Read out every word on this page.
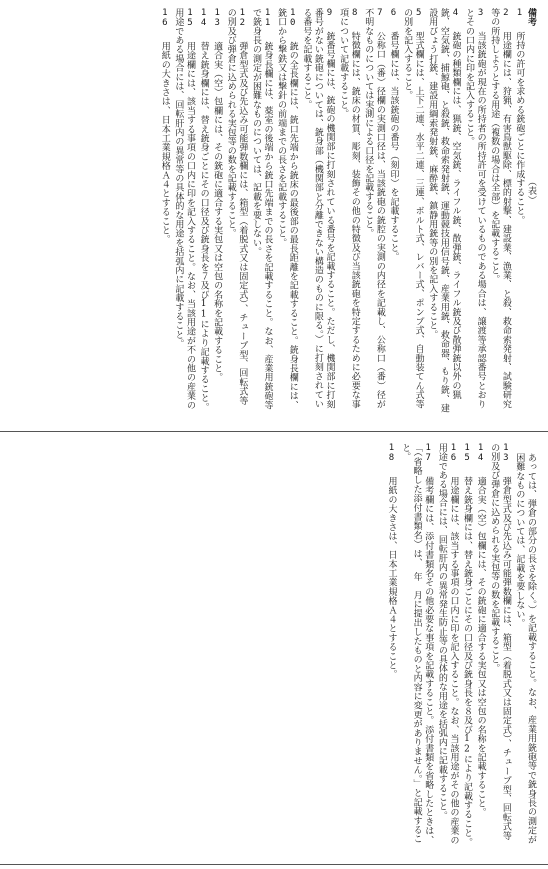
備考 （表）
1　所持の許可を求める銃砲ごとに作成すること。
2　用途欄には、狩猟、有害鳥獣駆除、標的射撃、建設業、漁業、と殺、救命索発射、試験研究等の所持しようとする用途（複数の場合は全部）を記載すること。
3　当該銃砲が現在の所持者の所持許可を受けているものである場合は、譲渡等承認番号とおりとその口内に印を記入すること。
4　銃砲の種類欄には、猟銃、空気銃、ライフル銃、散弾銃、ライフル銃及び散弾銃以外の猟銃、空気銃、捕鯨砲、と殺銃、救命索発射銃、運動競技用信号銃、産業用銃、救命器、もり銃、建設用びょう打銃、建設用綱索発射銃、麻酔銃、鎮静用銃等の別を記入すること。
5　型式欄には、上下二連、水平二連、三連、ボルト式、レバー式、ポンプ式、自動装てん式等の別を記入すること。
6　番号欄には、当該銃砲の番号（刻印）を記載すること。
7　公称口（番）径欄の実測口径は、当該銃砲の銃腔の実測の内径を記載し、公称口（番）径が不明なものについては実測による口径を記載すること。
8　特徴欄には、銃床の材質、彫刻、装飾その他の特徴及び当該銃砲を特定するために必要な事項について記載すること。
9　銃番号欄には、銃砲の機関部に打刻されている番号を記載すること。ただし、機関部に打刻番号がない銃砲については、銃身部（機関部と分離できない構造のものに限る。）に打刻されている番号を記載すること。
10　銃の全長欄には、銃口先端から銃床の最後部の最長距離を記載すること。銃身長欄には、銃口から撃鉄又は撃針の前端までの長さを記載すること。
11　銃身長欄には、薬室の後端から銃口先端までの長さを記載すること。なお、産業用銃砲等で銃身長の測定が困難なものについては、記載を要しない。
12　弾倉型式及び先込み可能弾数欄には、箱型（着脱式又は固定式）、チューブ型、回転式等の別及び弾倉に込められる実包等の数を記載すること。
13　適合実（空）包欄には、その銃砲に適合する実包又は空包の名称を記載すること。
14　替え銃身欄には、替え銃身ごとにその口径及び銃身長を７及び11により記載すること。
15　用途欄には、該当する事項の口内に印を記入すること。なお、当該用途が不の他の産業の用途である場合には、回転肝内の異常等の具体的な用途を括弧内に記載すること。
16　用紙の大きさは、日本工業規格Ａ４とすること。
あっては、弾倉の部分の長さを除く。）を記載すること。なお、産業用銃砲等で銃身長の測定が困難なものについては、記載を要しない。
13　弾倉型式及び先込み可能弾数欄には、箱型（着脱式又は固定式）、チューブ型、回転式等の別及び弾倉に込められる実包等の数を記載すること。
14　適合実（空）包欄には、その銃砲に適合する実包又は空包の名称を記載すること。
15　替え銃身欄には、替え銃身ごとにその口径及び銃身長を８及び12により記載すること。
16　用途欄には、該当する事項の口内に印を記入すること。なお、当該用途がその他の産業の用途である場合には、回転肝内の異常発生防止等の具体的な用途を括弧内に記載すること。
17　備考欄には、添付書類名その他必要な事項を記載すること。添付書類を省略したときは、「（省略した添付書類名）は、　年　月に提出したものと内容に変更がありません。」と記載すること。
18　用紙の大きさは、日本工業規格Ａ４とすること。
